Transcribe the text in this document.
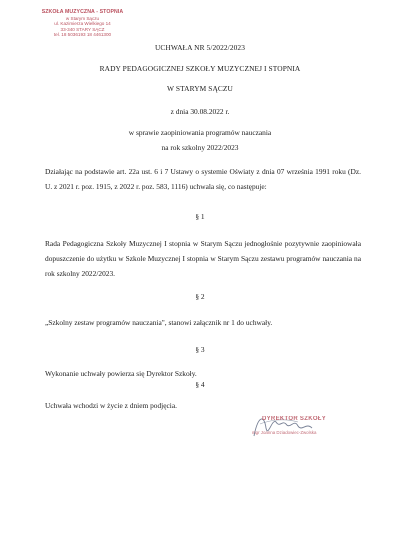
SZKOŁA MUZYCZNA - STOPNIA
w Starym Sączu
ul. Kazimierza Wielkiego 14
33-340 STARY SĄCZ
tel. 18 5036193 18 4461300
UCHWAŁA NR 5/2022/2023
RADY PEDAGOGICZNEJ SZKOŁY MUZYCZNEJ I STOPNIA
W STARYM SĄCZU
z dnia 30.08.2022 r.
w sprawie zaopiniowania programów nauczania
na rok szkolny 2022/2023
Działając na podstawie art. 22a ust. 6 i 7 Ustawy o systemie Oświaty z dnia 07 września 1991 roku (Dz. U. z 2021 r. poz. 1915, z 2022 r. poz. 583, 1116) uchwala się, co następuje:
§ 1
Rada Pedagogiczna Szkoły Muzycznej I stopnia w Starym Sączu jednogłośnie pozytywnie zaopiniowała dopuszczenie do użytku w Szkole Muzycznej I stopnia w Starym Sączu zestawu programów nauczania na rok szkolny 2022/2023.
§ 2
„Szkolny zestaw programów nauczania", stanowi załącznik nr 1 do uchwały.
§ 3
Wykonanie uchwały powierza się Dyrektor Szkoły.
§ 4
Uchwała wchodzi w życie z dniem podjęcia.
DYREKTOR SZKOŁY
mgr Joanna Dziadowiec-Zwolska
